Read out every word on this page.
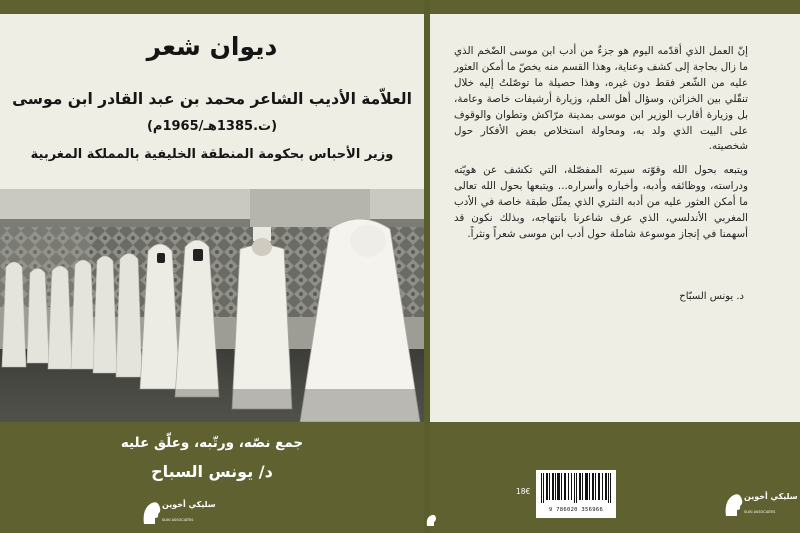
إنّ العمل الذي أقدّمه اليوم هو جزءٌ من أدب ابن موسى الضّخم الذي ما زال بحاجة إلى كشف وعناية، وهذا القسم منه يخصّ ما أمكن العثور عليه من الشّعر فقط دون غيره، وهذا حصيلة ما توصّلتُ إليه خلال تنقّلي بين الخزائن، وسؤال أهل العلم، وزيارة أرشيفات خاصة وعامة، بل وزيارة أقارب الوزير ابن موسى بمدينة مرّاكش وتطوان والوقوف على البيت الذي ولد به، ومحاولة استخلاص بعض الأفكار حول شخصيته.

ويتبعه بحول الله وقوّته سيرته المفصّلة، التي تكشف عن هويّته ودراسته، ووظائفه وأدبه، وأخباره وأسراره... ويتبعها بحول الله تعالى ما أمكن العثور عليه من أدبه النثري الذي يمثّل طبقة خاصة في الأدب المغربي الأندلسي، الذي عرف شاعرنا بانتهاجه، وبذلك نكون قد أسهمنا في إنجاز موسوعة شاملة حول أدب ابن موسى شعراً ونثراً.

د. يونس السبّاح
ديوان شعر
العلاّمة الأديب الشاعر محمد بن عبد القادر ابن موسى
(ت.1385هـ/1965م)
وزير الأحباس بحكومة المنطقة الخليفية بالمملكة المغربية
جمع نصّه، ورتّبه، وعلّق عليه
د/ يونس السباح
سليكي أخوين
SLIKI ASSOCIATES
18€
9 786020 356966
سليكي أخوين
SLIKI ASSOCIATES
